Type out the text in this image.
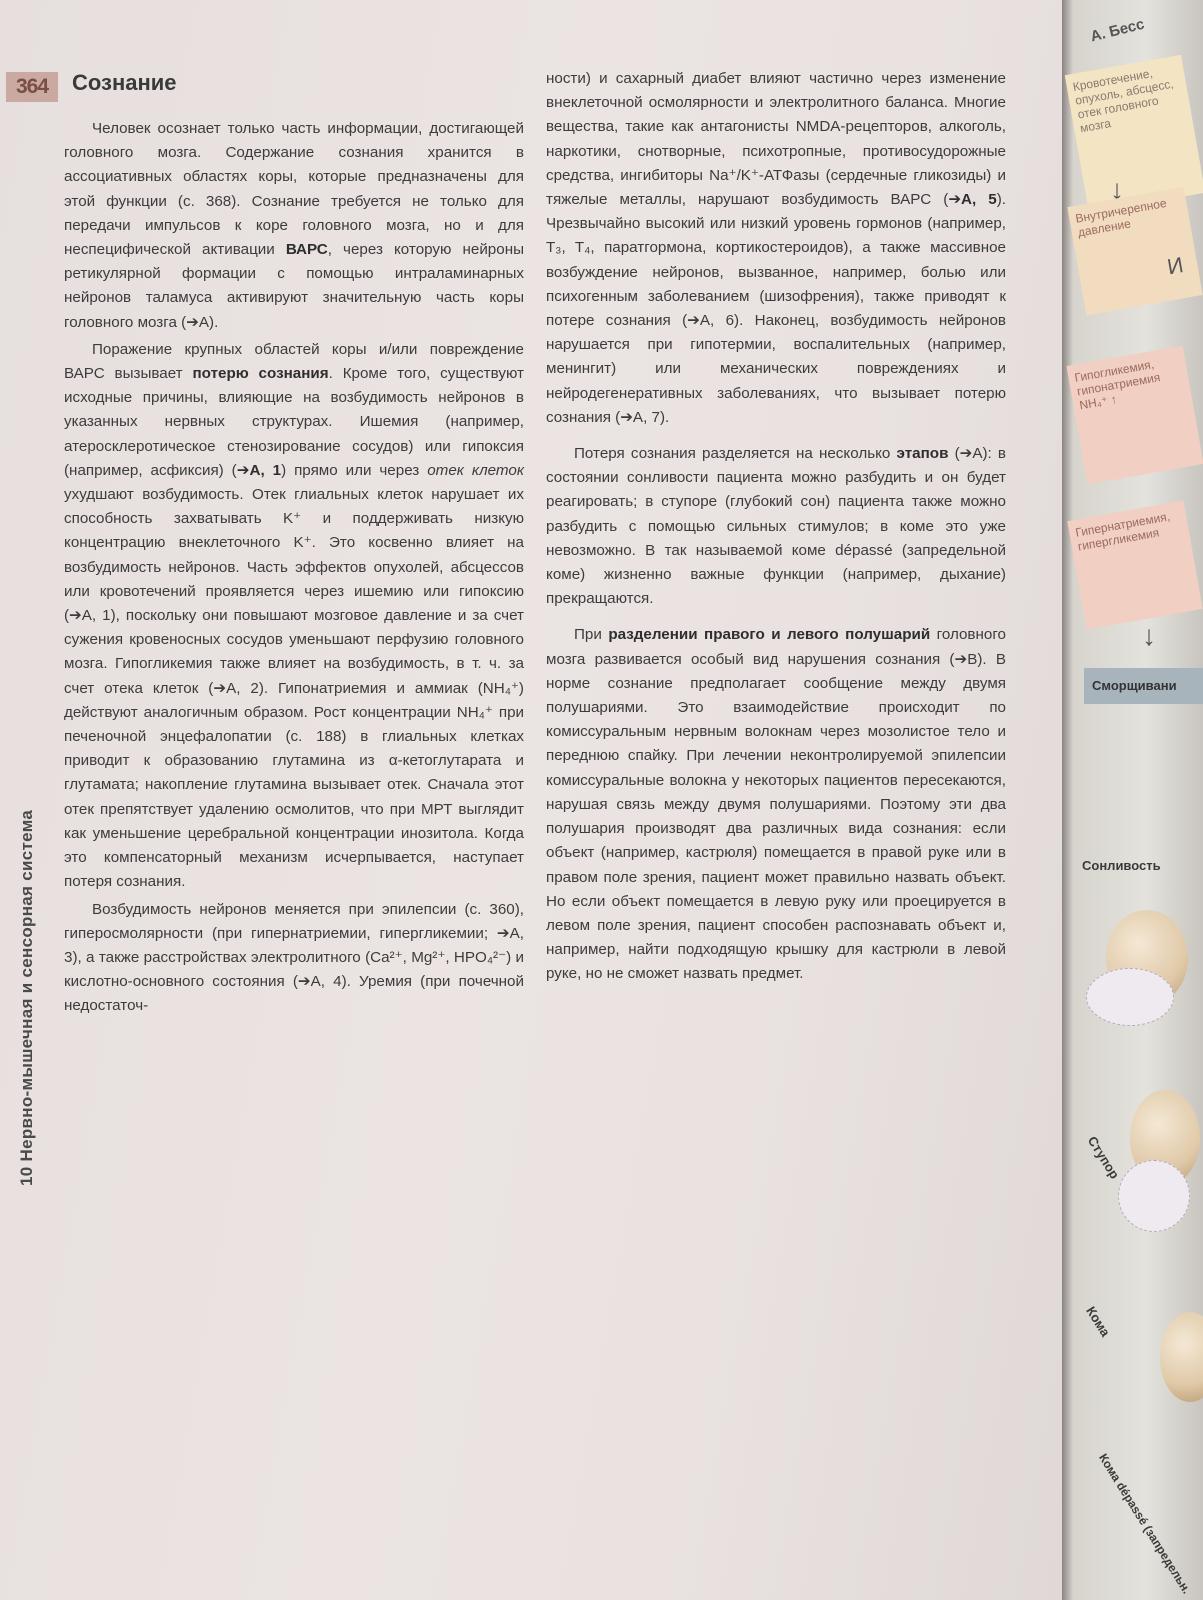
364	Сознание
10 Нервно-мышечная и сенсорная система

Человек осознает только часть информации, достигающей головного мозга. Содержание сознания хранится в ассоциативных областях коры, которые предназначены для этой функции (с. 368). Сознание требуется не только для передачи импульсов к коре головного мозга, но и для неспецифической активации ВАРС, через которую нейроны ретикулярной формации с помощью интраламинарных нейронов таламуса активируют значительную часть коры головного мозга (➔А).

Поражение крупных областей коры и/или повреждение ВАРС вызывает потерю сознания. Кроме того, существуют исходные причины, влияющие на возбудимость нейронов в указанных нервных структурах. Ишемия (например, атеросклеротическое стенозирование сосудов) или гипоксия (например, асфиксия) (➔А, 1) прямо или через отек клеток ухудшают возбудимость. Отек глиальных клеток нарушает их способность захватывать K⁺ и поддерживать низкую концентрацию внеклеточного K⁺. Это косвенно влияет на возбудимость нейронов. Часть эффектов опухолей, абсцессов или кровотечений проявляется через ишемию или гипоксию (➔А, 1), поскольку они повышают мозговое давление и за счет сужения кровеносных сосудов уменьшают перфузию головного мозга. Гипогликемия также влияет на возбудимость, в т. ч. за счет отека клеток (➔А, 2). Гипонатриемия и аммиак (NH₄⁺) действуют аналогичным образом. Рост концентрации NH₄⁺ при печеночной энцефалопатии (с. 188) в глиальных клетках приводит к образованию глутамина из α-кетоглутарата и глутамата; накопление глутамина вызывает отек. Сначала этот отек препятствует удалению осмолитов, что при МРТ выглядит как уменьшение церебральной концентрации инозитола. Когда это компенсаторный механизм исчерпывается, наступает потеря сознания.

Возбудимость нейронов меняется при эпилепсии (с. 360), гиперосмолярности (при гипернатриемии, гипергликемии; ➔А, 3), а также расстройствах электролитного (Ca²⁺, Mg²⁺, HPO₄²⁻) и кислотно-основного состояния (➔А, 4). Уремия (при почечной недостаточ-

ности) и сахарный диабет влияют частично через изменение внеклеточной осмолярности и электролитного баланса. Многие вещества, такие как антагонисты NMDA-рецепторов, алкоголь, наркотики, снотворные, психотропные, противосудорожные средства, ингибиторы Na⁺/K⁺-АТФазы (сердечные гликозиды) и тяжелые металлы, нарушают возбудимость ВАРС (➔А, 5). Чрезвычайно высокий или низкий уровень гормонов (например, T₃, T₄, паратгормона, кортикостероидов), а также массивное возбуждение нейронов, вызванное, например, болью или психогенным заболеванием (шизофрения), также приводят к потере сознания (➔А, 6). Наконец, возбудимость нейронов нарушается при гипотермии, воспалительных (например, менингит) или механических повреждениях и нейродегенеративных заболеваниях, что вызывает потерю сознания (➔А, 7).

Потеря сознания разделяется на несколько этапов (➔А): в состоянии сонливости пациента можно разбудить и он будет реагировать; в ступоре (глубокий сон) пациента также можно разбудить с помощью сильных стимулов; в коме это уже невозможно. В так называемой коме dépassé (запредельной коме) жизненно важные функции (например, дыхание) прекращаются.

При разделении правого и левого полушарий головного мозга развивается особый вид нарушения сознания (➔В). В норме сознание предполагает сообщение между двумя полушариями. Это взаимодействие происходит по комиссуральным нервным волокнам через мозолистое тело и переднюю спайку. При лечении неконтролируемой эпилепсии комиссуральные волокна у некоторых пациентов пересекаются, нарушая связь между двумя полушариями. Поэтому эти два полушария производят два различных вида сознания: если объект (например, кастрюля) помещается в правой руке или в правом поле зрения, пациент может правильно назвать объект. Но если объект помещается в левую руку или проецируется в левом поле зрения, пациент способен распознавать объект и, например, найти подходящую крышку для кастрюли в левой руке, но не сможет назвать предмет.

А. Бесс
Кровотечение, опухоль, абсцесс, отек головного мозга
↓
Внутричерепное давление
И
Гипогликемия, гипонатриемия NH₄⁺ ↑
Гипернатриемия, гипергликемия
↓
Сморщивани
Сонливость
Ступор
Кома
Кома dépassé (запредельн.
